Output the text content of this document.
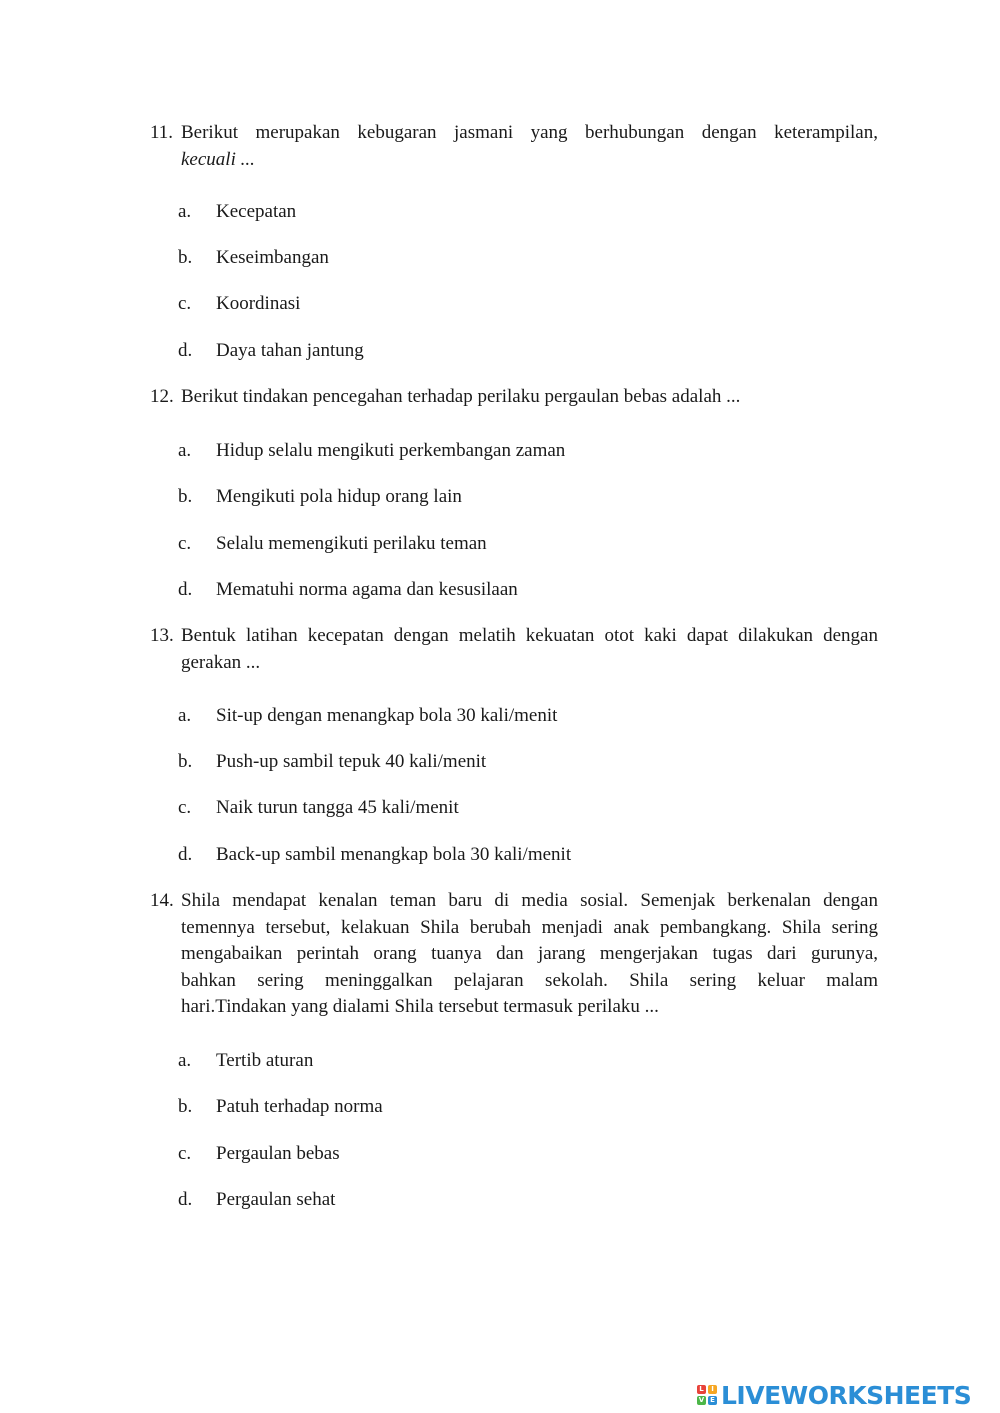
11. Berikut merupakan kebugaran jasmani yang berhubungan dengan keterampilan,
kecuali ...
a. Kecepatan
b. Keseimbangan
c. Koordinasi
d. Daya tahan jantung
12. Berikut tindakan pencegahan terhadap perilaku pergaulan bebas adalah ...
a. Hidup selalu mengikuti perkembangan zaman
b. Mengikuti pola hidup orang lain
c. Selalu memengikuti perilaku teman
d. Mematuhi norma agama dan kesusilaan
13. Bentuk latihan kecepatan dengan melatih kekuatan otot kaki dapat dilakukan dengan
gerakan ...
a. Sit-up dengan menangkap bola 30 kali/menit
b. Push-up sambil tepuk 40 kali/menit
c. Naik turun tangga 45 kali/menit
d. Back-up sambil menangkap bola 30 kali/menit
14. Shila mendapat kenalan teman baru di media sosial. Semenjak berkenalan dengan
temennya tersebut, kelakuan Shila berubah menjadi anak pembangkang. Shila sering
mengabaikan perintah orang tuanya dan jarang mengerjakan tugas dari gurunya,
bahkan sering meninggalkan pelajaran sekolah. Shila sering keluar malam
hari.Tindakan yang dialami Shila tersebut termasuk perilaku ...
a. Tertib aturan
b. Patuh terhadap norma
c. Pergaulan bebas
d. Pergaulan sehat
L	I
V E LIVEWORKSHEETS
